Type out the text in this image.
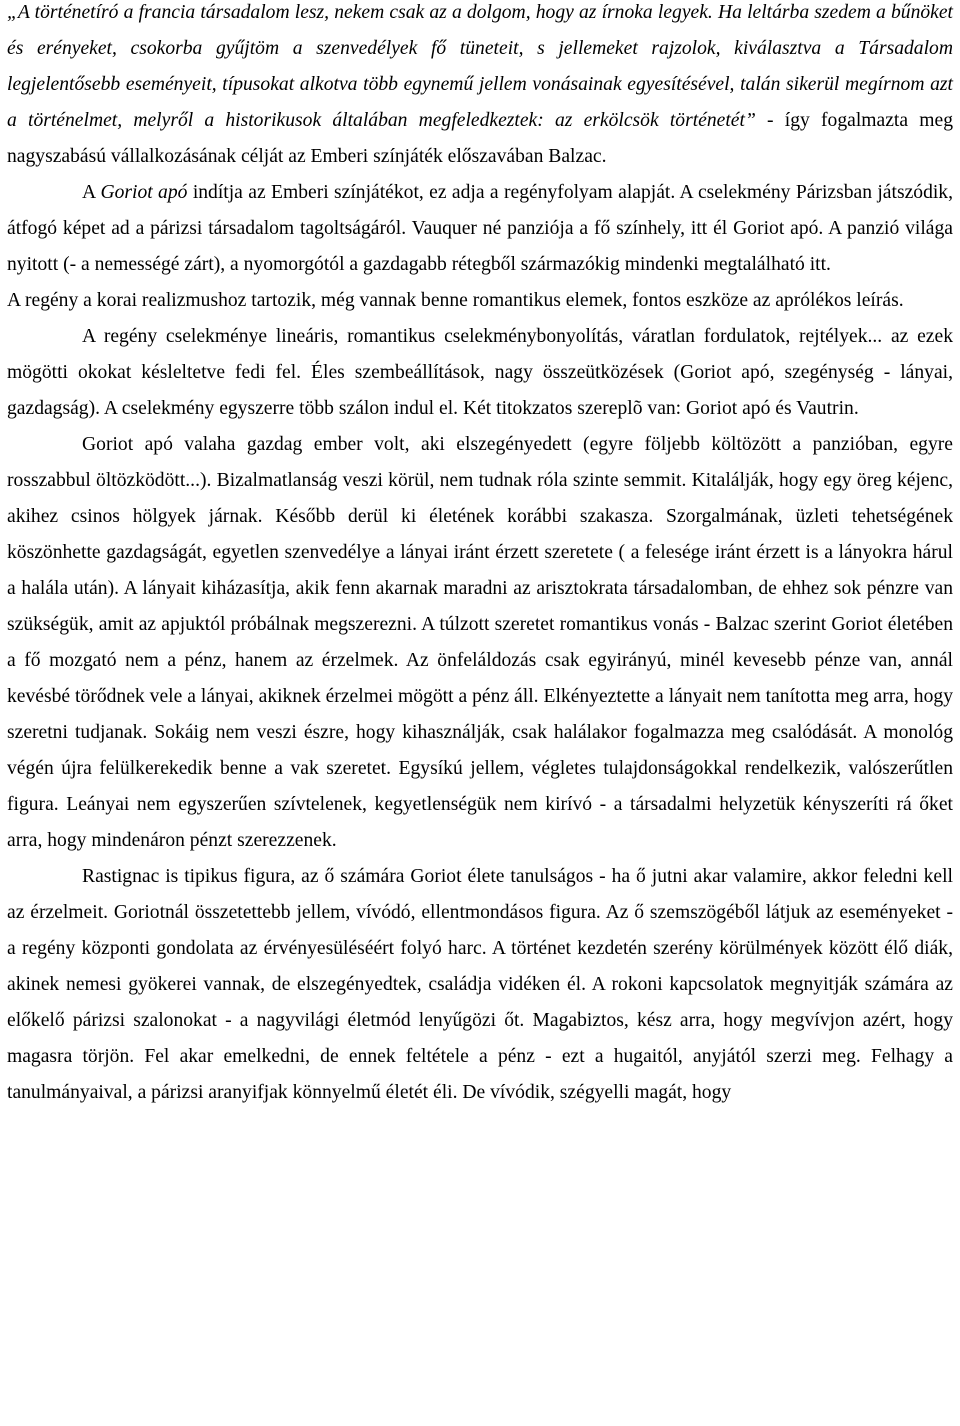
„A történetíró a francia társadalom lesz, nekem csak az a dolgom, hogy az írnoka legyek. Ha leltárba szedem a bűnöket és erényeket, csokorba gyűjtöm a szenvedélyek fő tüneteit, s jellemeket rajzolok, kiválasztva a Társadalom legjelentősebb eseményeit, típusokat alkotva több egynemű jellem vonásainak egyesítésével, talán sikerül megírnom azt a történelmet, melyről a historikusok általában megfeledkeztek: az erkölcsök történetét” - így fogalmazta meg nagyszabású vállalkozásának célját az Emberi színjáték előszavában Balzac.

A Goriot apó indítja az Emberi színjátékot, ez adja a regényfolyam alapját. A cselekmény Párizsban játszódik, átfogó képet ad a párizsi társadalom tagoltságáról. Vauquer né panziója a fő színhely, itt él Goriot apó. A panzió világa nyitott (- a nemességé zárt), a nyomorgótól a gazdagabb rétegből származókig mindenki megtalálható itt.

A regény a korai realizmushoz tartozik, még vannak benne romantikus elemek, fontos eszköze az aprólékos leírás.

A regény cselekménye lineáris, romantikus cselekménybonyolítás, váratlan fordulatok, rejtélyek... az ezek mögötti okokat késleltetve fedi fel. Éles szembeállítások, nagy összeütközések (Goriot apó, szegénység - lányai, gazdagság). A cselekmény egyszerre több szálon indul el. Két titokzatos szereplõ van: Goriot apó és Vautrin.

Goriot apó valaha gazdag ember volt, aki elszegényedett (egyre följebb költözött a panzióban, egyre rosszabbul öltözködött...). Bizalmatlanság veszi körül, nem tudnak róla szinte semmit. Kitalálják, hogy egy öreg kéjenc, akihez csinos hölgyek járnak. Később derül ki életének korábbi szakasza. Szorgalmának, üzleti tehetségének köszönhette gazdagságát, egyetlen szenvedélye a lányai iránt érzett szeretete ( a felesége iránt érzett is a lányokra hárul a halála után). A lányait kiházasítja, akik fenn akarnak maradni az arisztokrata társadalomban, de ehhez sok pénzre van szükségük, amit az apjuktól próbálnak megszerezni. A túlzott szeretet romantikus vonás - Balzac szerint Goriot életében a fő mozgató nem a pénz, hanem az érzelmek. Az önfeláldozás csak egyirányú, minél kevesebb pénze van, annál kevésbé törődnek vele a lányai, akiknek érzelmei mögött a pénz áll. Elkényeztette a lányait nem tanította meg arra, hogy szeretni tudjanak. Sokáig nem veszi észre, hogy kihasználják, csak halálakor fogalmazza meg csalódását. A monológ végén újra felülkerekedik benne a vak szeretet. Egysíkú jellem, végletes tulajdonságokkal rendelkezik, valószerűtlen figura. Leányai nem egyszerűen szívtelenek, kegyetlenségük nem kirívó - a társadalmi helyzetük kényszeríti rá őket arra, hogy mindenáron pénzt szerezzenek.

Rastignac is tipikus figura, az ő számára Goriot élete tanulságos - ha ő jutni akar valamire, akkor feledni kell az érzelmeit. Goriotnál összetettebb jellem, vívódó, ellentmondásos figura. Az ő szemszögéből látjuk az eseményeket - a regény központi gondolata az érvényesüléséért folyó harc. A történet kezdetén szerény körülmények között élő diák, akinek nemesi gyökerei vannak, de elszegényedtek, családja vidéken él. A rokoni kapcsolatok megnyitják számára az előkelő párizsi szalonokat - a nagyvilági életmód lenyűgözi őt. Magabiztos, kész arra, hogy megvívjon azért, hogy magasra törjön. Fel akar emelkedni, de ennek feltétele a pénz - ezt a hugaitól, anyjától szerzi meg. Felhagy a tanulmányaival, a párizsi aranyifjak könnyelmű életét éli. De vívódik, szégyelli magát, hogy
